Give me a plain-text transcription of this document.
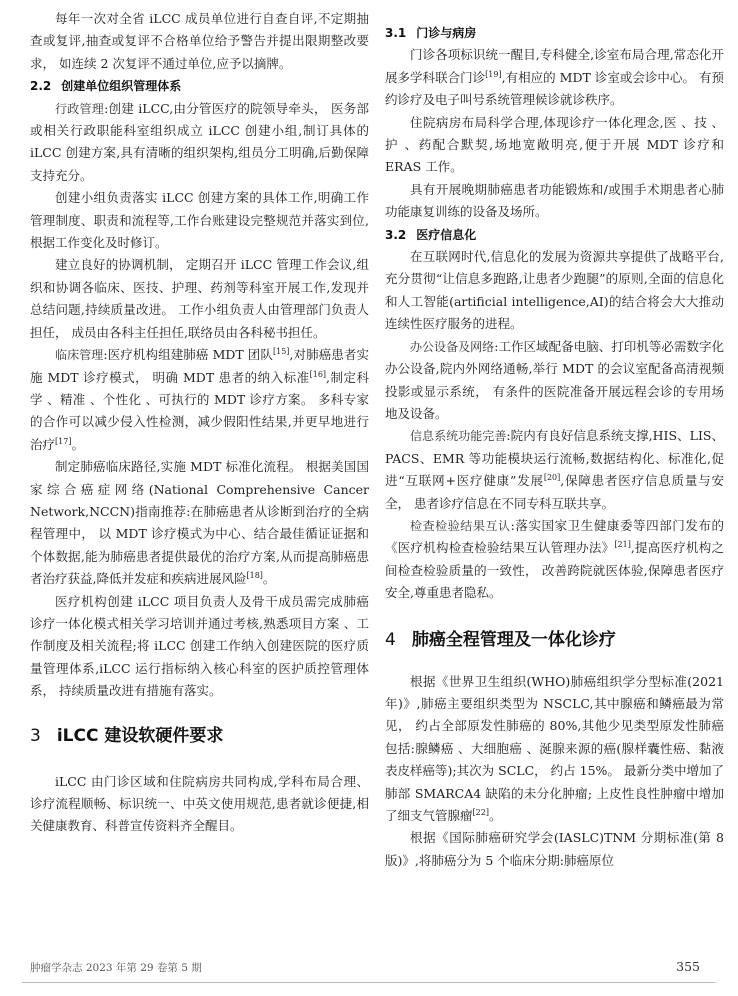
每年一次对全省 iLCC 成员单位进行自查自评,不定期抽查或复评,抽查或复评不合格单位给予警告并提出限期整改要求， 如连续 2 次复评不通过单位,应予以摘牌。

2.2 创建单位组织管理体系

行政管理:创建 iLCC,由分管医疗的院领导牵头， 医务部或相关行政职能科室组织成立 iLCC 创建小组,制订具体的 iLCC 创建方案,具有清晰的组织架构,组员分工明确,后勤保障支持充分。

创建小组负责落实 iLCC 创建方案的具体工作,明确工作管理制度、职责和流程等,工作台账建设完整规范并落实到位,根据工作变化及时修订。

建立良好的协调机制， 定期召开 iLCC 管理工作会议,组织和协调各临床、医技、护理、药剂等科室开展工作,发现并总结问题,持续质量改进。 工作小组负责人由管理部门负责人担任， 成员由各科主任担任,联络员由各科秘书担任。

临床管理:医疗机构组建肺癌 MDT 团队[15],对肺癌患者实施 MDT 诊疗模式， 明确 MDT 患者的纳入标准[16],制定科学 、精准 、个性化 、可执行的 MDT 诊疗方案。 多科专家的合作可以减少侵入性检测，减少假阳性结果,并更早地进行治疗[17]。

制定肺癌临床路径,实施 MDT 标准化流程。 根据美国国家综合癌症网络(National Comprehensive Cancer Network,NCCN)指南推荐:在肺癌患者从诊断到治疗的全病程管理中， 以 MDT 诊疗模式为中心、结合最佳循证证据和个体数据,能为肺癌患者提供最优的治疗方案,从而提高肺癌患者治疗获益,降低并发症和疾病进展风险[18]。

医疗机构创建 iLCC 项目负责人及骨干成员需完成肺癌诊疗一体化模式相关学习培训并通过考核,熟悉项目方案 、工作制度及相关流程;将 iLCC 创建工作纳入创建医院的医疗质量管理体系,iLCC 运行指标纳入核心科室的医护质控管理体系， 持续质量改进有措施有落实。

3 iLCC 建设软硬件要求

iLCC 由门诊区域和住院病房共同构成,学科布局合理、诊疗流程顺畅、标识统一、中英文使用规范,患者就诊便捷,相关健康教育、科普宣传资料齐全醒目。

3.1 门诊与病房

门诊各项标识统一醒目,专科健全,诊室布局合理,常态化开展多学科联合门诊[19],有相应的 MDT 诊室或会诊中心。 有预约诊疗及电子叫号系统管理候诊就诊秩序。

住院病房布局科学合理,体现诊疗一体化理念,医 、技 、护 、药配合默契,场地宽敞明亮,便于开展 MDT 诊疗和 ERAS 工作。

具有开展晚期肺癌患者功能锻炼和/或围手术期患者心肺功能康复训练的设备及场所。

3.2 医疗信息化

在互联网时代,信息化的发展为资源共享提供了战略平台,充分贯彻“让信息多跑路,让患者少跑腿”的原则,全面的信息化和人工智能(artificial intelligence,AI)的结合将会大大推动连续性医疗服务的进程。

办公设备及网络:工作区域配备电脑、打印机等必需数字化办公设备,院内外网络通畅,举行 MDT 的会议室配备高清视频投影或显示系统， 有条件的医院准备开展远程会诊的专用场地及设备。

信息系统功能完善:院内有良好信息系统支撑,HIS、LIS、PACS、EMR 等功能模块运行流畅,数据结构化、标准化,促进“互联网+医疗健康”发展[20],保障患者医疗信息质量与安全， 患者诊疗信息在不同专科互联共享。

检查检验结果互认:落实国家卫生健康委等四部门发布的《医疗机构检查检验结果互认管理办法》[21],提高医疗机构之间检查检验质量的一致性， 改善跨院就医体验,保障患者医疗安全,尊重患者隐私。

4 肺癌全程管理及一体化诊疗

根据《世界卫生组织(WHO)肺癌组织学分型标准(2021 年)》,肺癌主要组织类型为 NSCLC,其中腺癌和鳞癌最为常见， 约占全部原发性肺癌的 80%,其他少见类型原发性肺癌包括:腺鳞癌 、大细胞癌 、涎腺来源的癌(腺样囊性癌、黏液表皮样癌等);其次为 SCLC， 约占 15%。 最新分类中增加了肺部 SMARCA4 缺陷的未分化肿瘤; 上皮性良性肿瘤中增加了细支气管腺瘤[22]。

根据《国际肺癌研究学会(IASLC)TNM 分期标准(第 8 版)》,将肺癌分为 5 个临床分期:肺癌原位

肿瘤学杂志 2023 年第 29 卷第 5 期	355
